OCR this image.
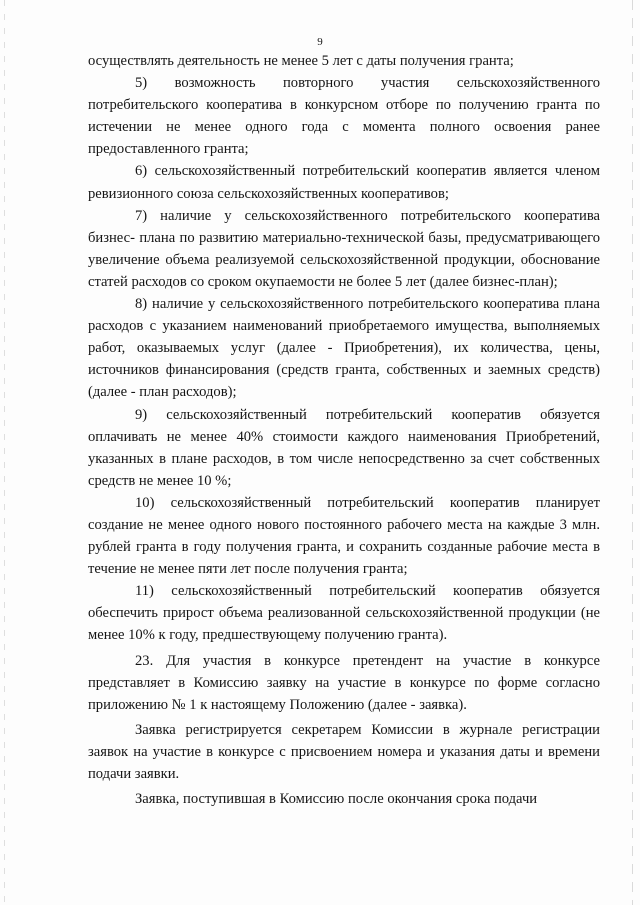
9

осуществлять деятельность не менее 5 лет с даты получения гранта;

5) возможность повторного участия сельскохозяйственного потребительского кооператива в конкурсном отборе по получению гранта по истечении не менее одного года с момента полного освоения ранее предоставленного гранта;

6) сельскохозяйственный потребительский кооператив является членом ревизионного союза сельскохозяйственных кооперативов;

7) наличие у сельскохозяйственного потребительского кооператива бизнес- плана по развитию материально-технической базы, предусматривающего увеличение объема реализуемой сельскохозяйственной продукции, обоснование статей расходов со сроком окупаемости не более 5 лет (далее бизнес-план);

8) наличие у сельскохозяйственного потребительского кооператива плана расходов с указанием наименований приобретаемого имущества, выполняемых работ, оказываемых услуг (далее - Приобретения), их количества, цены, источников финансирования (средств гранта, собственных и заемных средств) (далее - план расходов);

9) сельскохозяйственный потребительский кооператив обязуется оплачивать не менее 40% стоимости каждого наименования Приобретений, указанных в плане расходов, в том числе непосредственно за счет собственных средств не менее 10 %;

10) сельскохозяйственный потребительский кооператив планирует создание не менее одного нового постоянного рабочего места на каждые 3 млн. рублей гранта в году получения гранта, и сохранить созданные рабочие места в течение не менее пяти лет после получения гранта;

11) сельскохозяйственный потребительский кооператив обязуется обеспечить прирост объема реализованной сельскохозяйственной продукции (не менее 10% к году, предшествующему получению гранта).

23. Для участия в конкурсе претендент на участие в конкурсе представляет в Комиссию заявку на участие в конкурсе по форме согласно приложению № 1 к настоящему Положению (далее - заявка).

Заявка регистрируется секретарем Комиссии в журнале регистрации заявок на участие в конкурсе с присвоением номера и указания даты и времени подачи заявки.

Заявка, поступившая в Комиссию после окончания срока подачи
